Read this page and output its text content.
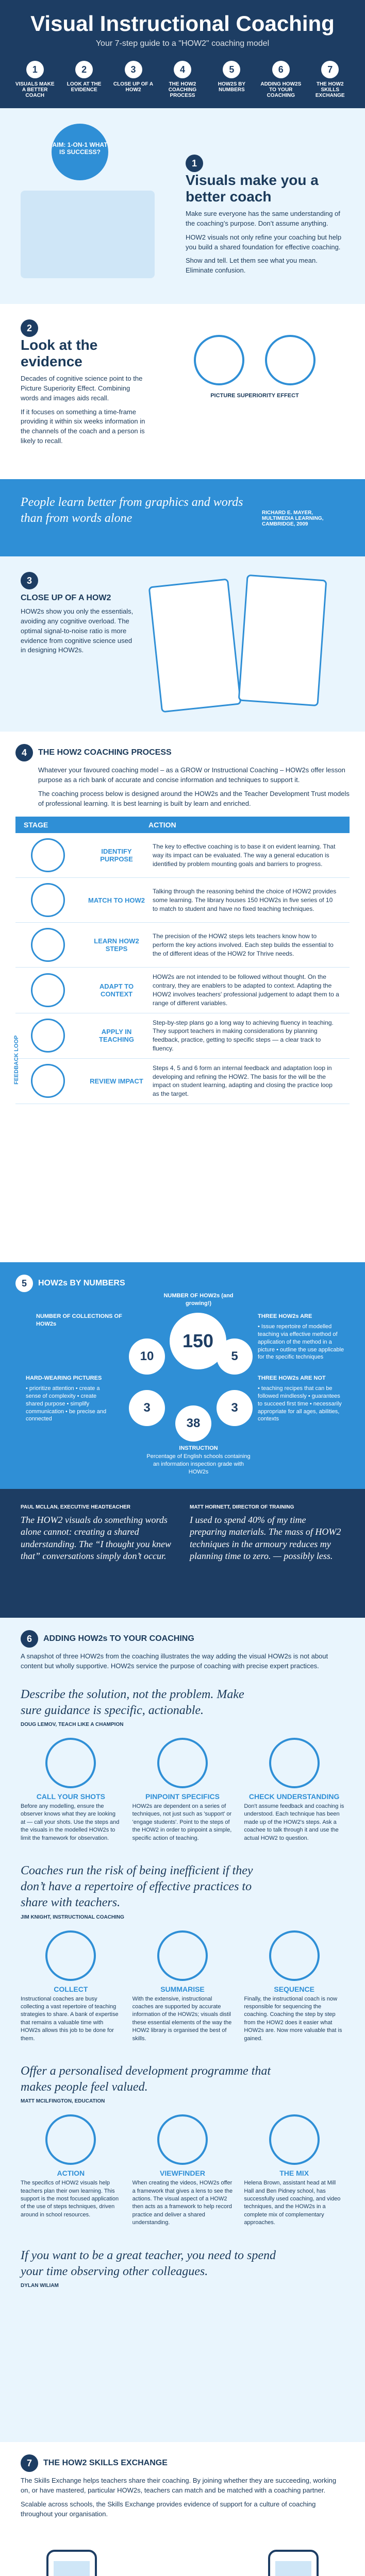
Visual Instructional Coaching
Your 7-step guide to a "HOW2" coaching model
1
VISUALS MAKE A BETTER COACH
2
LOOK AT THE EVIDENCE
3
CLOSE UP OF A HOW2
4
THE HOW2 COACHING PROCESS
5
HOW2S BY NUMBERS
6
ADDING HOW2S TO YOUR COACHING
7
THE HOW2 SKILLS EXCHANGE
AIM: 1-ON-1 WHAT IS SUCCESS?
1

Visuals make you a better coach

Make sure everyone has the same understanding of the coaching’s purpose. Don’t assume anything.

HOW2 visuals not only refine your coaching but help you build a shared foundation for effective coaching.

Show and tell. Let them see what you mean. Eliminate confusion.

2

Look at the evidence

Decades of cognitive science point to the Picture Superiority Effect. Combining words and images aids recall.

If it focuses on something a time-frame providing it within six weeks information in the channels of the coach and a person is likely to recall.

PICTURE SUPERIORITY EFFECT
People learn better from graphics and words than from words alone	RICHARD E. MAYER, MULTIMEDIA LEARNING, CAMBRIDGE, 2009
3

CLOSE UP OF A HOW2

HOW2s show you only the essentials, avoiding any cognitive overload. The optimal signal-to-noise ratio is more evidence from cognitive science used in designing HOW2s.

4	THE HOW2 COACHING PROCESS

Whatever your favoured coaching model – as a GROW or Instructional Coaching – HOW2s offer lesson purpose as a rich bank of accurate and concise information and techniques to support it.

The coaching process below is designed around the HOW2s and the Teacher Development Trust models of professional learning. It is best learning is built by learn and enriched.

STAGE	ACTION
FEEDBACK LOOP
IDENTIFY PURPOSE
The key to effective coaching is to base it on evident learning. That way its impact can be evaluated. The way a general education is identified by problem mounting goals and barriers to progress.
MATCH TO HOW2
Talking through the reasoning behind the choice of HOW2 provides some learning. The library houses 150 HOW2s in five series of 10 to match to student and have no fixed teaching techniques.
LEARN HOW2 STEPS
The precision of the HOW2 steps lets teachers know how to perform the key actions involved. Each step builds the essential to the of different ideas of the HOW2 for Thrive needs.
ADAPT TO CONTEXT
HOW2s are not intended to be followed without thought. On the contrary, they are enablers to be adapted to context. Adapting the HOW2 involves teachers' professional judgement to adapt them to a range of different variables.
APPLY IN TEACHING
Step-by-step plans go a long way to achieving fluency in teaching. They support teachers in making considerations by planning feedback, practice, getting to specific steps — a clear track to fluency.
REVIEW IMPACT
Steps 4, 5 and 6 form an internal feedback and adaptation loop in developing and refining the HOW2. The basis for the will be the impact on student learning, adapting and closing the practice loop as the target.
5	HOW2s BY NUMBERS
NUMBER OF HOW2s (and growing!)
150
NUMBER OF COLLECTIONS OF HOW2s
10
THREE HOW2s ARE
• Issue repertoire of modelled teaching via effective method of application of the method in a picture • outline the use applicable for the specific techniques
5
HARD-WEARING PICTURES
• prioritize attention • create a sense of complexity • create shared purpose • simplify communication • be precise and connected
3
THREE HOW2s ARE NOT
• teaching recipes that can be followed mindlessly • guarantees to succeed first time • necessarily appropriate for all ages, abilities, contexts
3
38
INSTRUCTION
Percentage of English schools containing an information inspection grade with HOW2s
PAUL MCLLAN, EXECUTIVE HEADTEACHER
The HOW2 visuals do something words alone cannot: creating a shared understanding. The “I thought you knew that” conversations simply don’t occur.
MATT HORNETT, DIRECTOR OF TRAINING
I used to spend 40% of my time preparing materials. The mass of HOW2 techniques in the armoury reduces my planning time to zero. — possibly less.
6	ADDING HOW2s TO YOUR COACHING

A snapshot of three HOW2s from the coaching illustrates the way adding the visual HOW2s is not about content but wholly supportive. HOW2s service the purpose of coaching with precise expert practices.

Describe the solution, not the problem. Make sure guidance is specific, actionable.
DOUG LEMOV, TEACH LIKE A CHAMPION
CALL YOUR SHOTS

Before any modelling, ensure the observer knows what they are looking at — call your shots. Use the steps and the visuals in the modelled HOW2s to limit the framework for observation.

PINPOINT SPECIFICS

HOW2s are dependent on a series of techniques, not just such as 'support' or 'engage students'. Point to the steps of the HOW2 in order to pinpoint a simple, specific action of teaching.

CHECK UNDERSTANDING

Don't assume feedback and coaching is understood. Each technique has been made up of the HOW2's steps. Ask a coachee to talk through it and use the actual HOW2 to question.

Coaches run the risk of being inefficient if they don’t have a repertoire of effective practices to share with teachers.
JIM KNIGHT, INSTRUCTIONAL COACHING
COLLECT

Instructional coaches are busy collecting a vast repertoire of teaching strategies to share. A bank of expertise that remains a valuable time with HOW2s allows this job to be done for them.

SUMMARISE

With the extensive, instructional coaches are supported by accurate information of the HOW2s; visuals distil these essential elements of the way the HOW2 library is organised the best of skills.

SEQUENCE

Finally, the instructional coach is now responsible for sequencing the coaching. Coaching the step by step from the HOW2 does it easier what HOW2s are. Now more valuable that is gained.

Offer a personalised development programme that makes people feel valued.
MATT MCILFINGTON, EDUCATION
ACTION

The specifics of HOW2 visuals help teachers plan their own learning. This support is the most focused application of the use of steps techniques, driven around in school resources.

VIEWFINDER

When creating the videos, HOW2s offer a framework that gives a lens to see the actions. The visual aspect of a HOW2 then acts as a framework to help record practice and deliver a shared understanding.

THE MIX

Helena Brown, assistant head at Mill Hall and Ben Pidney school, has successfully used coaching, and video techniques, and the HOW2s in a complete mix of complementary approaches.

If you want to be a great teacher, you need to spend your time observing other colleagues.
DYLAN WILIAM
7	THE HOW2 SKILLS EXCHANGE

The Skills Exchange helps teachers share their coaching. By joining whether they are succeeding, working on, or have mastered, particular HOW2s, teachers can match and be matched with a coaching partner.

Scalable across schools, the Skills Exchange provides evidence of support for a culture of coaching throughout your organisation.
